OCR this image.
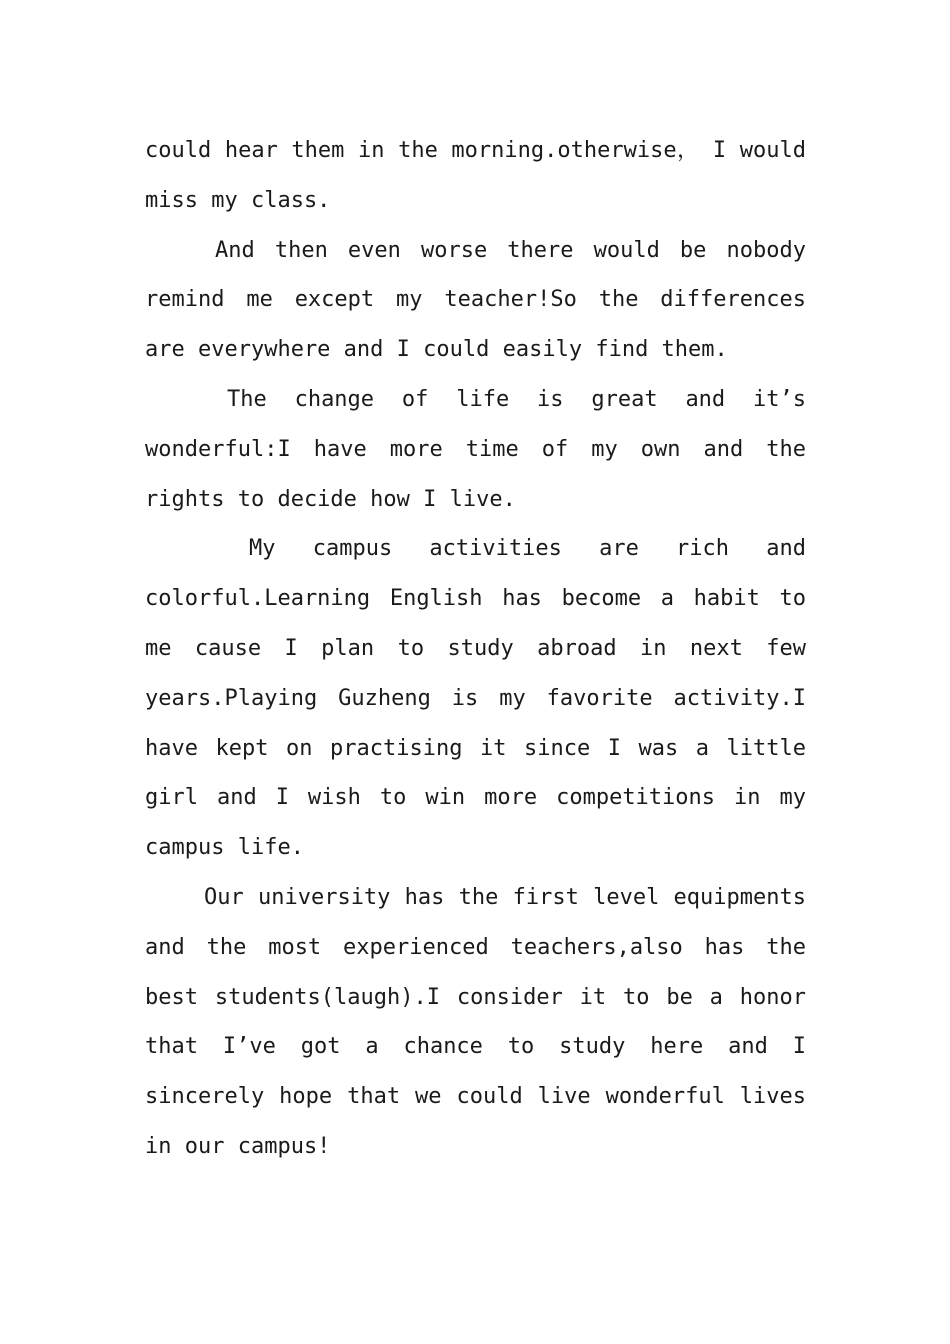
could hear them in the morning.otherwise， I would miss my class.

And then even worse there would be nobody remind me except my teacher!So the differences are everywhere and I could easily find them.

The change of life is great and it’s wonderful:I have more time of my own and the rights to decide how I live.

My campus activities are rich and colorful.Learning English has become a habit to me cause I plan to study abroad in next few years.Playing Guzheng is my favorite activity.I have kept on practising it since I was a little girl and I wish to win more competitions in my campus life.

Our university has the first level equipments and the most experienced teachers,also has the best students(laugh).I consider it to be a honor that I’ve got a chance to study here and I sincerely hope that we could live wonderful lives in our campus!
